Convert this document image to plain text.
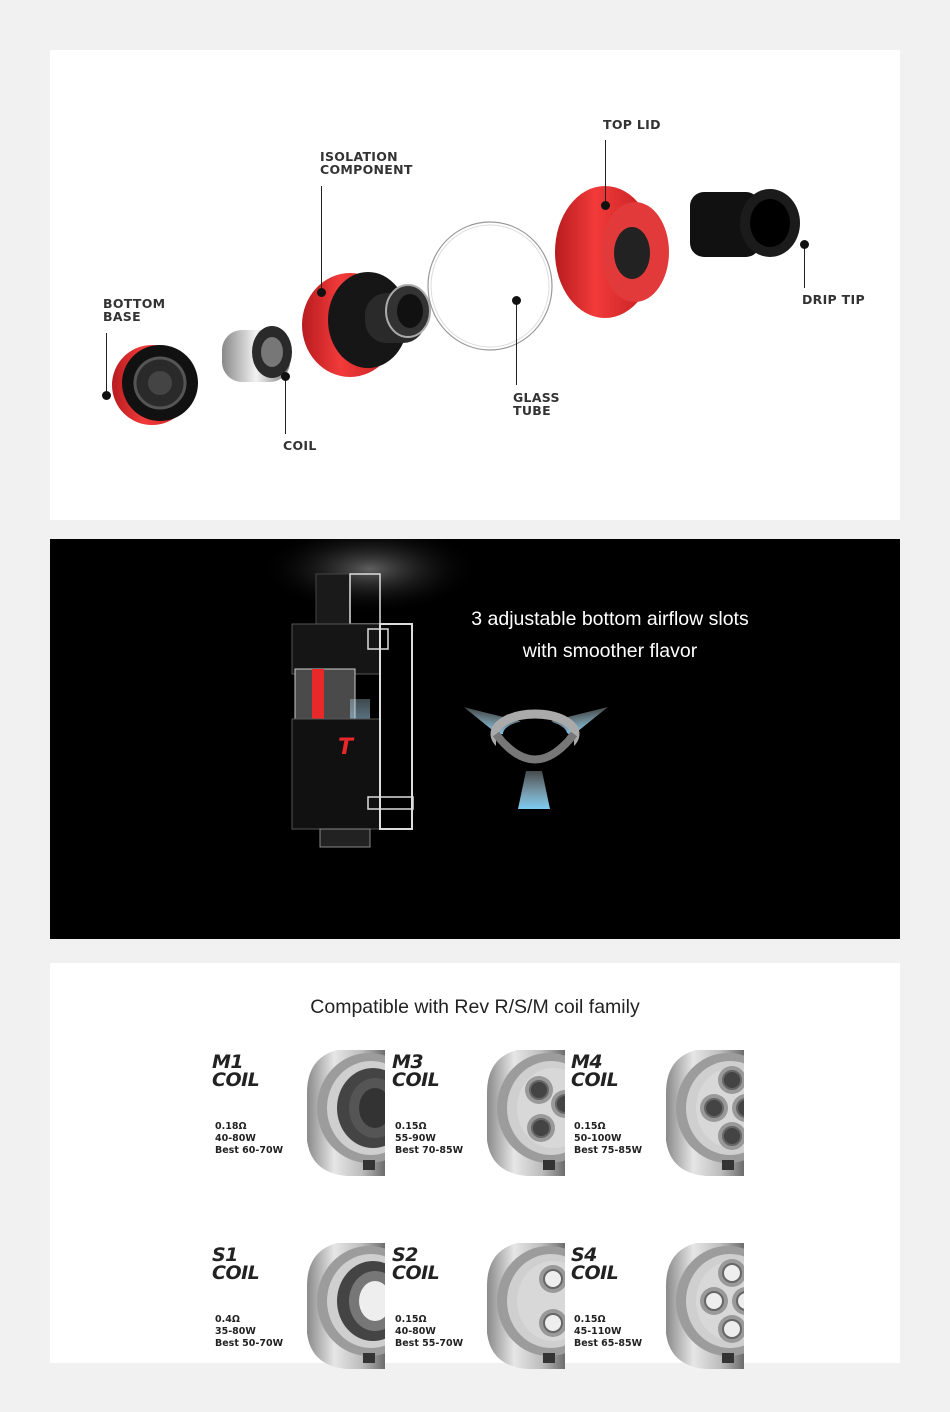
TOP LID
ISOLATION
COMPONENT
BOTTOM
BASE
DRIP TIP
GLASS
TUBE
COIL
T
3 adjustable bottom airflow slots
with smoother flavor
Compatible with Rev R/S/M coil family
M1
COIL
0.18Ω
40-80W
Best 60-70W
M3
COIL
0.15Ω
55-90W
Best 70-85W
M4
COIL
0.15Ω
50-100W
Best 75-85W
S1
COIL
0.4Ω
35-80W
Best 50-70W
S2
COIL
0.15Ω
40-80W
Best 55-70W
S4
COIL
0.15Ω
45-110W
Best 65-85W
